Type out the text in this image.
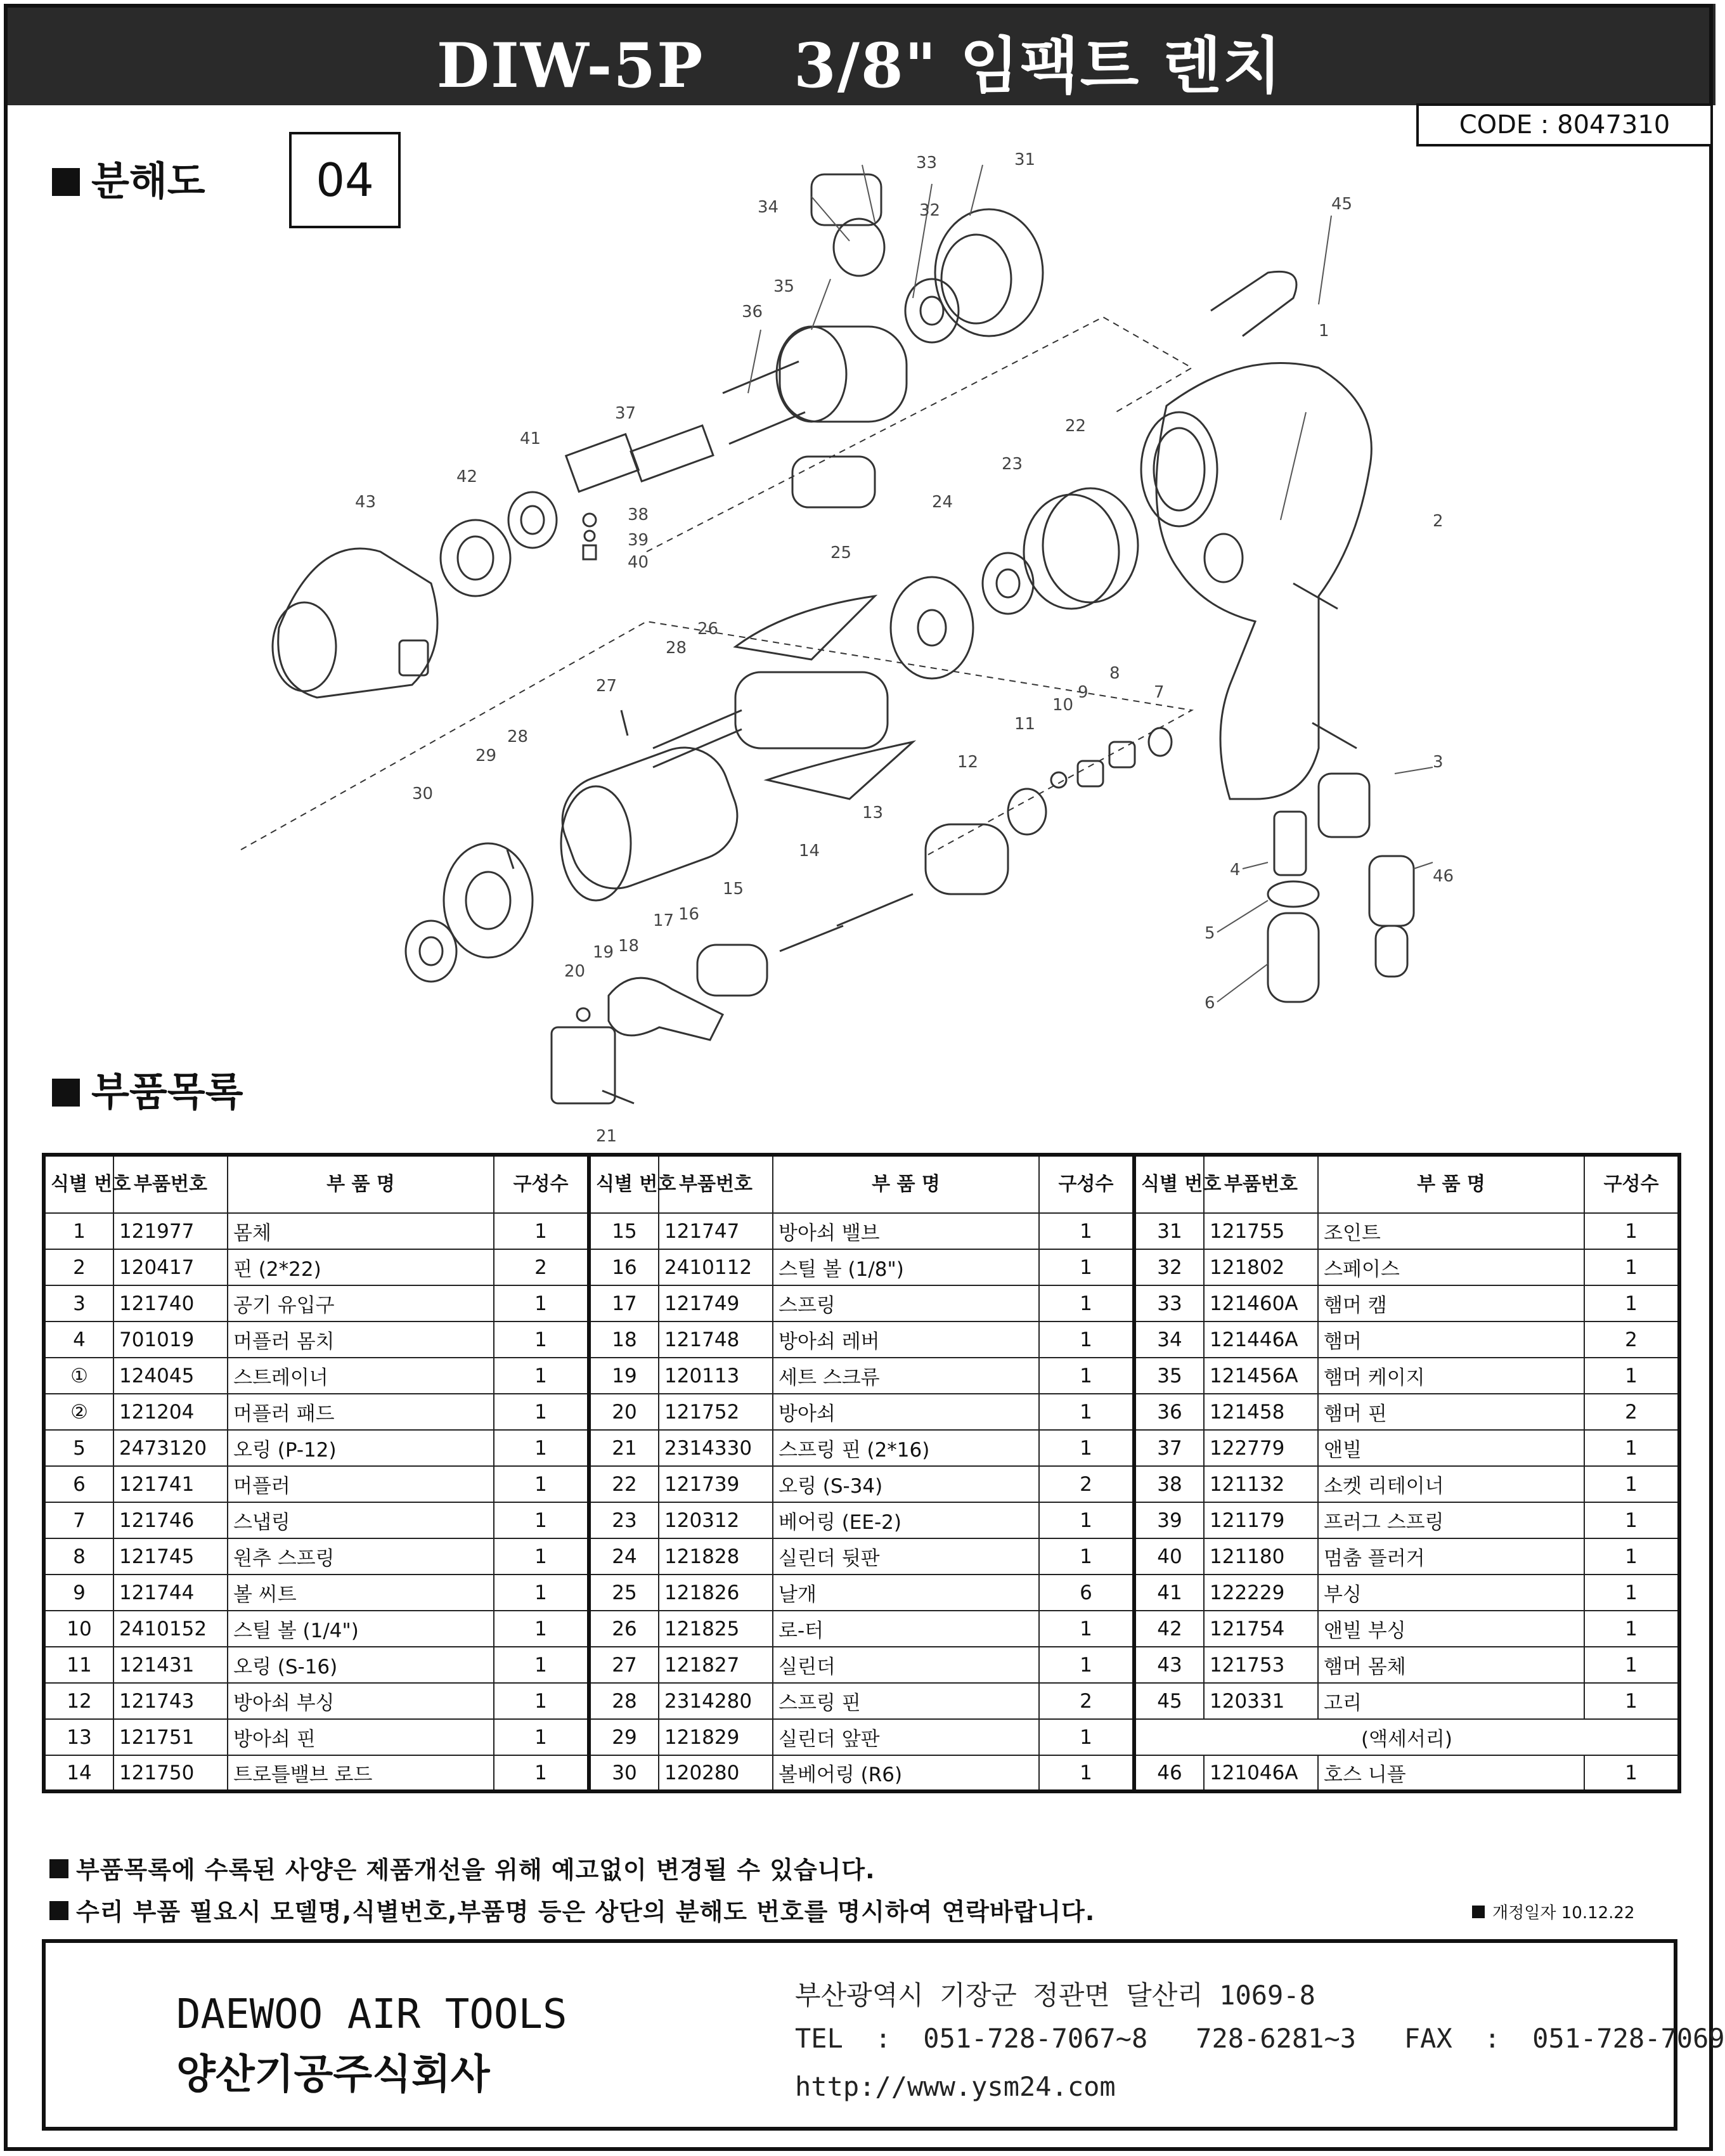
DIW-5P    3/8" 임팩트 렌치
CODE : 8047310
분해도	04	45
1
2
3
4
5
6
7
8
9
10
11
12
13
14
15
16
17
18
19
20
21
22
23
24
25
26
27
28
28
29
30
31
32
33
34
35
36
37
38
39
40
41
42
43
46
부품목록
식별 번호	부품번호	부 품 명	구성수	식별 번호	부품번호	부 품 명	구성수	식별 번호	부품번호	부 품 명	구성수
1	121977	몸체	1	15	121747	방아쇠 밸브	1	31	121755	조인트	1
2	120417	핀 (2*22)	2	16	2410112	스틸 볼 (1/8")	1	32	121802	스페이스	1
3	121740	공기 유입구	1	17	121749	스프링	1	33	121460A	햄머 캠	1
4	701019	머플러 몸치	1	18	121748	방아쇠 레버	1	34	121446A	햄머	2
①	124045	스트레이너	1	19	120113	세트 스크류	1	35	121456A	햄머 케이지	1
②	121204	머플러 패드	1	20	121752	방아쇠	1	36	121458	햄머 핀	2
5	2473120	오링 (P-12)	1	21	2314330	스프링 핀 (2*16)	1	37	122779	앤빌	1
6	121741	머플러	1	22	121739	오링 (S-34)	2	38	121132	소켓 리테이너	1
7	121746	스냅링	1	23	120312	베어링 (EE-2)	1	39	121179	프러그 스프링	1
8	121745	원추 스프링	1	24	121828	실린더 뒷판	1	40	121180	멈춤 플러거	1
9	121744	볼 씨트	1	25	121826	날개	6	41	122229	부싱	1
10	2410152	스틸 볼 (1/4")	1	26	121825	로-터	1	42	121754	앤빌 부싱	1
11	121431	오링 (S-16)	1	27	121827	실린더	1	43	121753	햄머 몸체	1
12	121743	방아쇠 부싱	1	28	2314280	스프링 핀	2	45	120331	고리	1
13	121751	방아쇠 핀	1	29	121829	실린더 앞판	1	(액세서리)			
14	121750	트로틀밸브 로드	1	30	120280	볼베어링 (R6)	1	46	121046A	호스 니플	1
부품목록에 수록된 사양은 제품개선을 위해 예고없이 변경될 수 있습니다.
수리 부품 필요시 모델명,식별번호,부품명 등은 상단의 분해도 번호를 명시하여 연락바랍니다.	개정일자 10.12.22
DAEWOO AIR TOOLS
양산기공주식회사
부산광역시 기장군 정관면 달산리 1069-8
TEL  :  051-728-7067~8   728-6281~3   FAX  :  051-728-7069
http://www.ysm24.com
